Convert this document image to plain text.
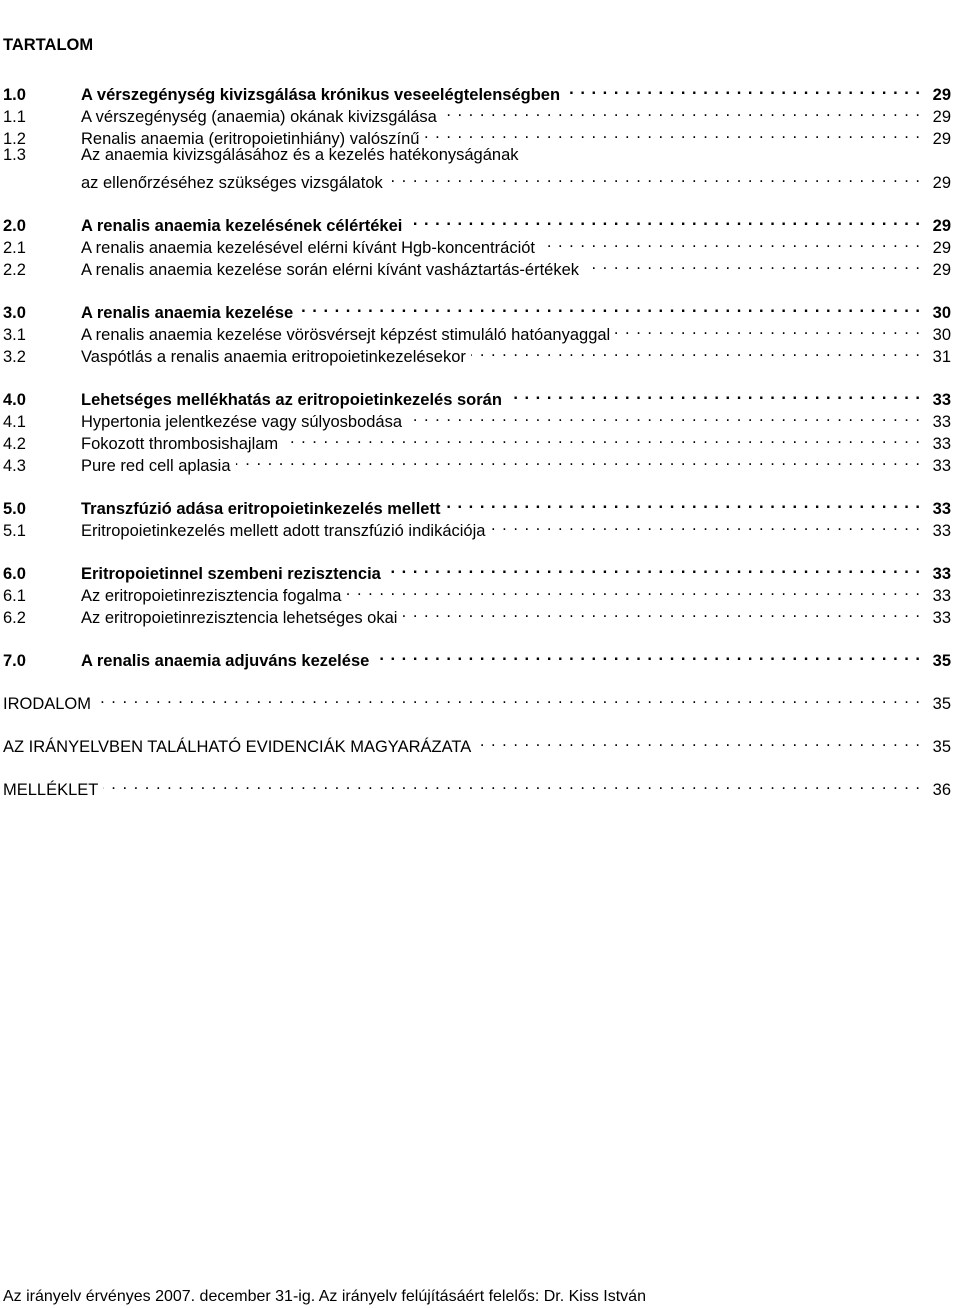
TARTALOM
1.0	A vérszegénység kivizsgálása krónikus veseelégtelenségben . . .	29
1.1	A vérszegénység (anaemia) okának kivizsgálása . . .	29
1.2	Renalis anaemia (eritropoietinhiány) valószínű . . .	29
1.3	Az anaemia kivizsgálásához és a kezelés hatékonyságának
az ellenőrzéséhez szükséges vizsgálatok . . .	29
2.0	A renalis anaemia kezelésének célértékei . . .	29
2.1	A renalis anaemia kezelésével elérni kívánt Hgb-koncentrációt . . .	29
2.2	A renalis anaemia kezelése során elérni kívánt vasháztartás-értékek . . .	29
3.0	A renalis anaemia kezelése . . .	30
3.1	A renalis anaemia kezelése vörösvérsejt képzést stimuláló hatóanyaggal . . .	30
3.2	Vaspótlás a renalis anaemia eritropoietinkezelésekor . . .	31
4.0	Lehetséges mellékhatás az eritropoietinkezelés során . . .	33
4.1	Hypertonia jelentkezése vagy súlyosbodása . . .	33
4.2	Fokozott thrombosishajlam . . .	33
4.3	Pure red cell aplasia . . .	33
5.0	Transzfúzió adása eritropoietinkezelés mellett . . .	33
5.1	Eritropoietinkezelés mellett adott transzfúzió indikációja . . .	33
6.0	Eritropoietinnel szembeni rezisztencia . . .	33
6.1	Az eritropoietinrezisztencia fogalma . . .	33
6.2	Az eritropoietinrezisztencia lehetséges okai . . .	33
7.0	A renalis anaemia adjuváns kezelése . . .	35
IRODALOM . . .	35
AZ IRÁNYELVBEN TALÁLHATÓ EVIDENCIÁK MAGYARÁZATA . . .	35
MELLÉKLET . . .	36
Az irányelv érvényes 2007. december 31-ig. Az irányelv felújításáért felelős: Dr. Kiss István
